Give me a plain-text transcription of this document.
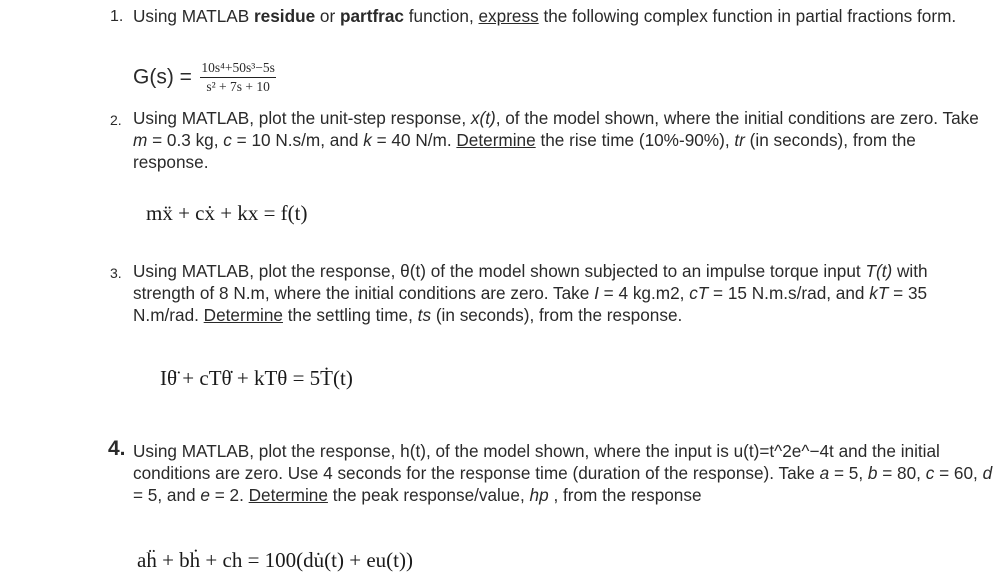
1. Using MATLAB residue or partfrac function, express the following complex function in partial fractions form.
$G(s) = \frac{\text{10s⁴+50s³−5s}}{\text{s² + 7s + 10}}$
2. Using MATLAB, plot the unit-step response, x(t), of the model shown, where the initial conditions are zero. Take m = 0.3 kg, c = 10 N.s/m, and k = 40 N/m. Determine the rise time (10%-90%), tr (in seconds), from the response.
mẍ + cẋ + kx = f(t)
3. Using MATLAB, plot the response, θ(t) of the model shown subjected to an impulse torque input T(t) with strength of 8 N.m, where the initial conditions are zero. Take I = 4 kg.m2, cT = 15 N.m.s/rad, and kT = 35 N.m/rad. Determine the settling time, ts (in seconds), from the response.
Iθ̈ + cTθ̇ + kTθ = 5Ṫ(t)
4. Using MATLAB, plot the response, h(t), of the model shown, where the input is u(t)=t^2e^−4t and the initial conditions are zero. Use 4 seconds for the response time (duration of the response). Take a = 5, b = 80, c = 60, d = 5, and e = 2. Determine the peak response/value, hp , from the response
aḧ + bḣ + ch = 100(du̇(t) + eu(t))
